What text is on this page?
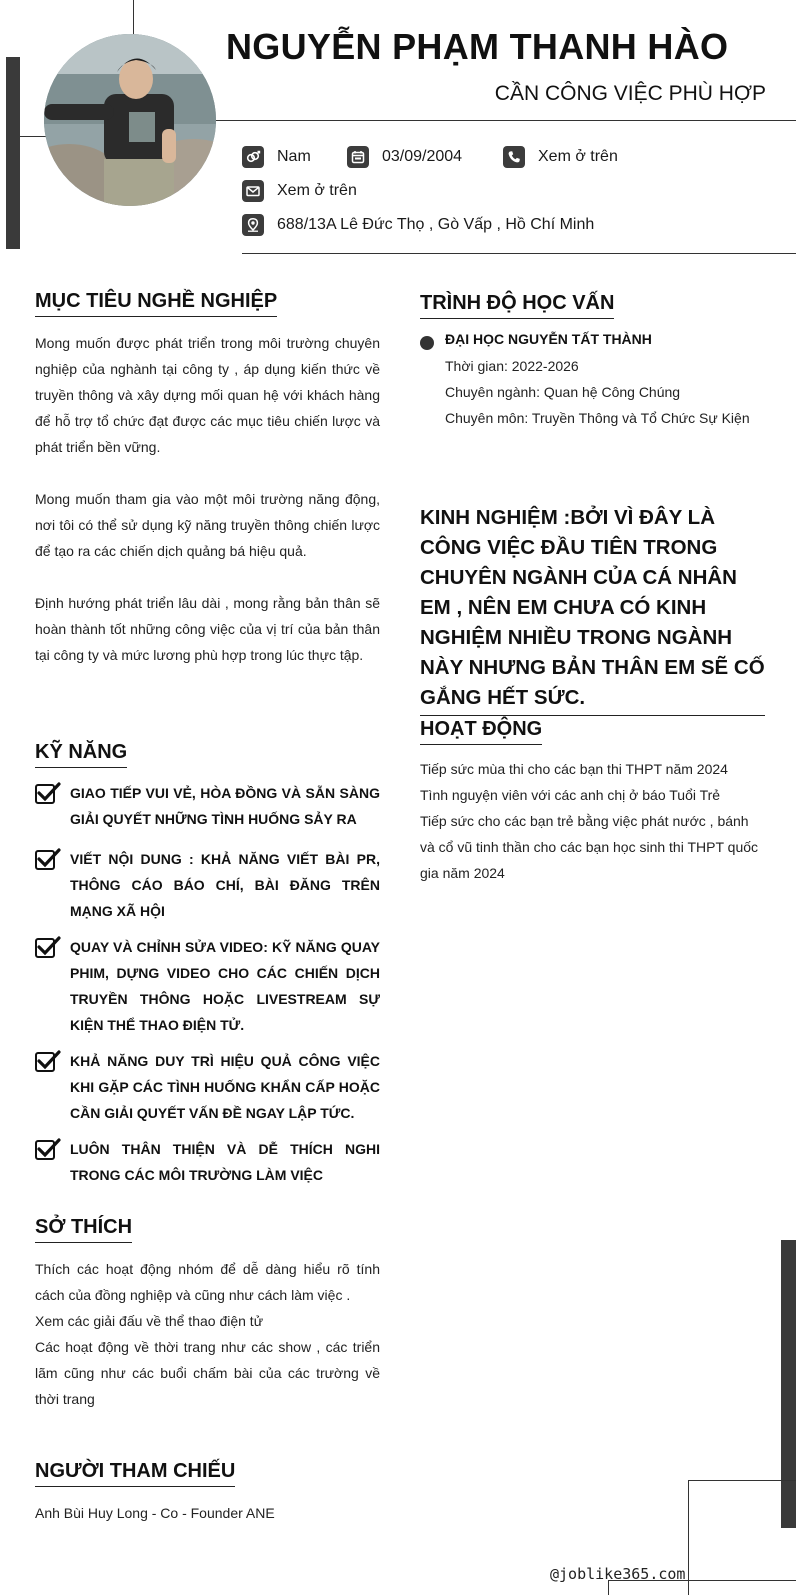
NGUYỄN PHẠM THANH HÀO
CẦN CÔNG VIỆC PHÙ HỢP
Nam	03/09/2004	Xem ở trên
Xem ở trên
688/13A Lê Đức Thọ , Gò Vấp , Hồ Chí Minh
MỤC TIÊU NGHỀ NGHIỆP
Mong muốn được phát triển trong môi trường chuyên nghiệp của nghành tại công ty , áp dụng kiến thức về truyền thông và xây dựng mối quan hệ với khách hàng để hỗ trợ tổ chức đạt được các mục tiêu chiến lược và phát triển bền vững.
Mong muốn tham gia vào một môi trường năng động, nơi tôi có thể sử dụng kỹ năng truyền thông chiến lược để tạo ra các chiến dịch quảng bá hiệu quả.
Định hướng phát triển lâu dài , mong rằng bản thân sẽ hoàn thành tốt những công việc của vị trí của bản thân tại công ty và mức lương phù hợp trong lúc thực tập.
KỸ NĂNG
GIAO TIẾP VUI VẺ, HÒA ĐỒNG VÀ SẴN SÀNG GIẢI QUYẾT NHỮNG TÌNH HUỐNG SẢY RA
VIẾT NỘI DUNG : KHẢ NĂNG VIẾT BÀI PR, THÔNG CÁO BÁO CHÍ, BÀI ĐĂNG TRÊN MẠNG XÃ HỘI
QUAY VÀ CHỈNH SỬA VIDEO: KỸ NĂNG QUAY PHIM, DỰNG VIDEO CHO CÁC CHIẾN DỊCH TRUYỀN THÔNG HOẶC LIVESTREAM SỰ KIỆN THỂ THAO ĐIỆN TỬ.
KHẢ NĂNG DUY TRÌ HIỆU QUẢ CÔNG VIỆC KHI GẶP CÁC TÌNH HUỐNG KHẨN CẤP HOẶC CẦN GIẢI QUYẾT VẤN ĐỀ NGAY LẬP TỨC.
LUÔN THÂN THIỆN VÀ DỄ THÍCH NGHI TRONG CÁC MÔI TRƯỜNG LÀM VIỆC
SỞ THÍCH
Thích các hoạt động nhóm để dễ dàng hiểu rõ tính cách của đồng nghiệp và cũng như cách làm việc .
Xem các giải đấu về thể thao điện tử
Các hoạt động về thời trang như các show , các triển lãm cũng như các buổi chấm bài của các trường về thời trang
NGƯỜI THAM CHIẾU
Anh Bùi Huy Long - Co - Founder ANE
TRÌNH ĐỘ HỌC VẤN
ĐẠI HỌC NGUYỄN TẤT THÀNH
Thời gian: 2022-2026
Chuyên ngành: Quan hệ Công Chúng
Chuyên môn: Truyền Thông và Tổ Chức Sự Kiện
KINH NGHIỆM :BỞI VÌ ĐÂY LÀ CÔNG VIỆC ĐẦU TIÊN TRONG CHUYÊN NGÀNH CỦA CÁ NHÂN EM , NÊN EM CHƯA CÓ KINH NGHIỆM NHIỀU TRONG NGÀNH NÀY NHƯNG BẢN THÂN EM SẼ CỐ GẮNG HẾT SỨC.
HOẠT ĐỘNG
Tiếp sức mùa thi cho các bạn thi THPT năm 2024
Tình nguyện viên với các anh chị ở báo Tuổi Trẻ
Tiếp sức cho các bạn trẻ bằng việc phát nước , bánh và cổ vũ tinh thần cho các bạn học sinh thi THPT quốc gia năm 2024
@joblike365.com
